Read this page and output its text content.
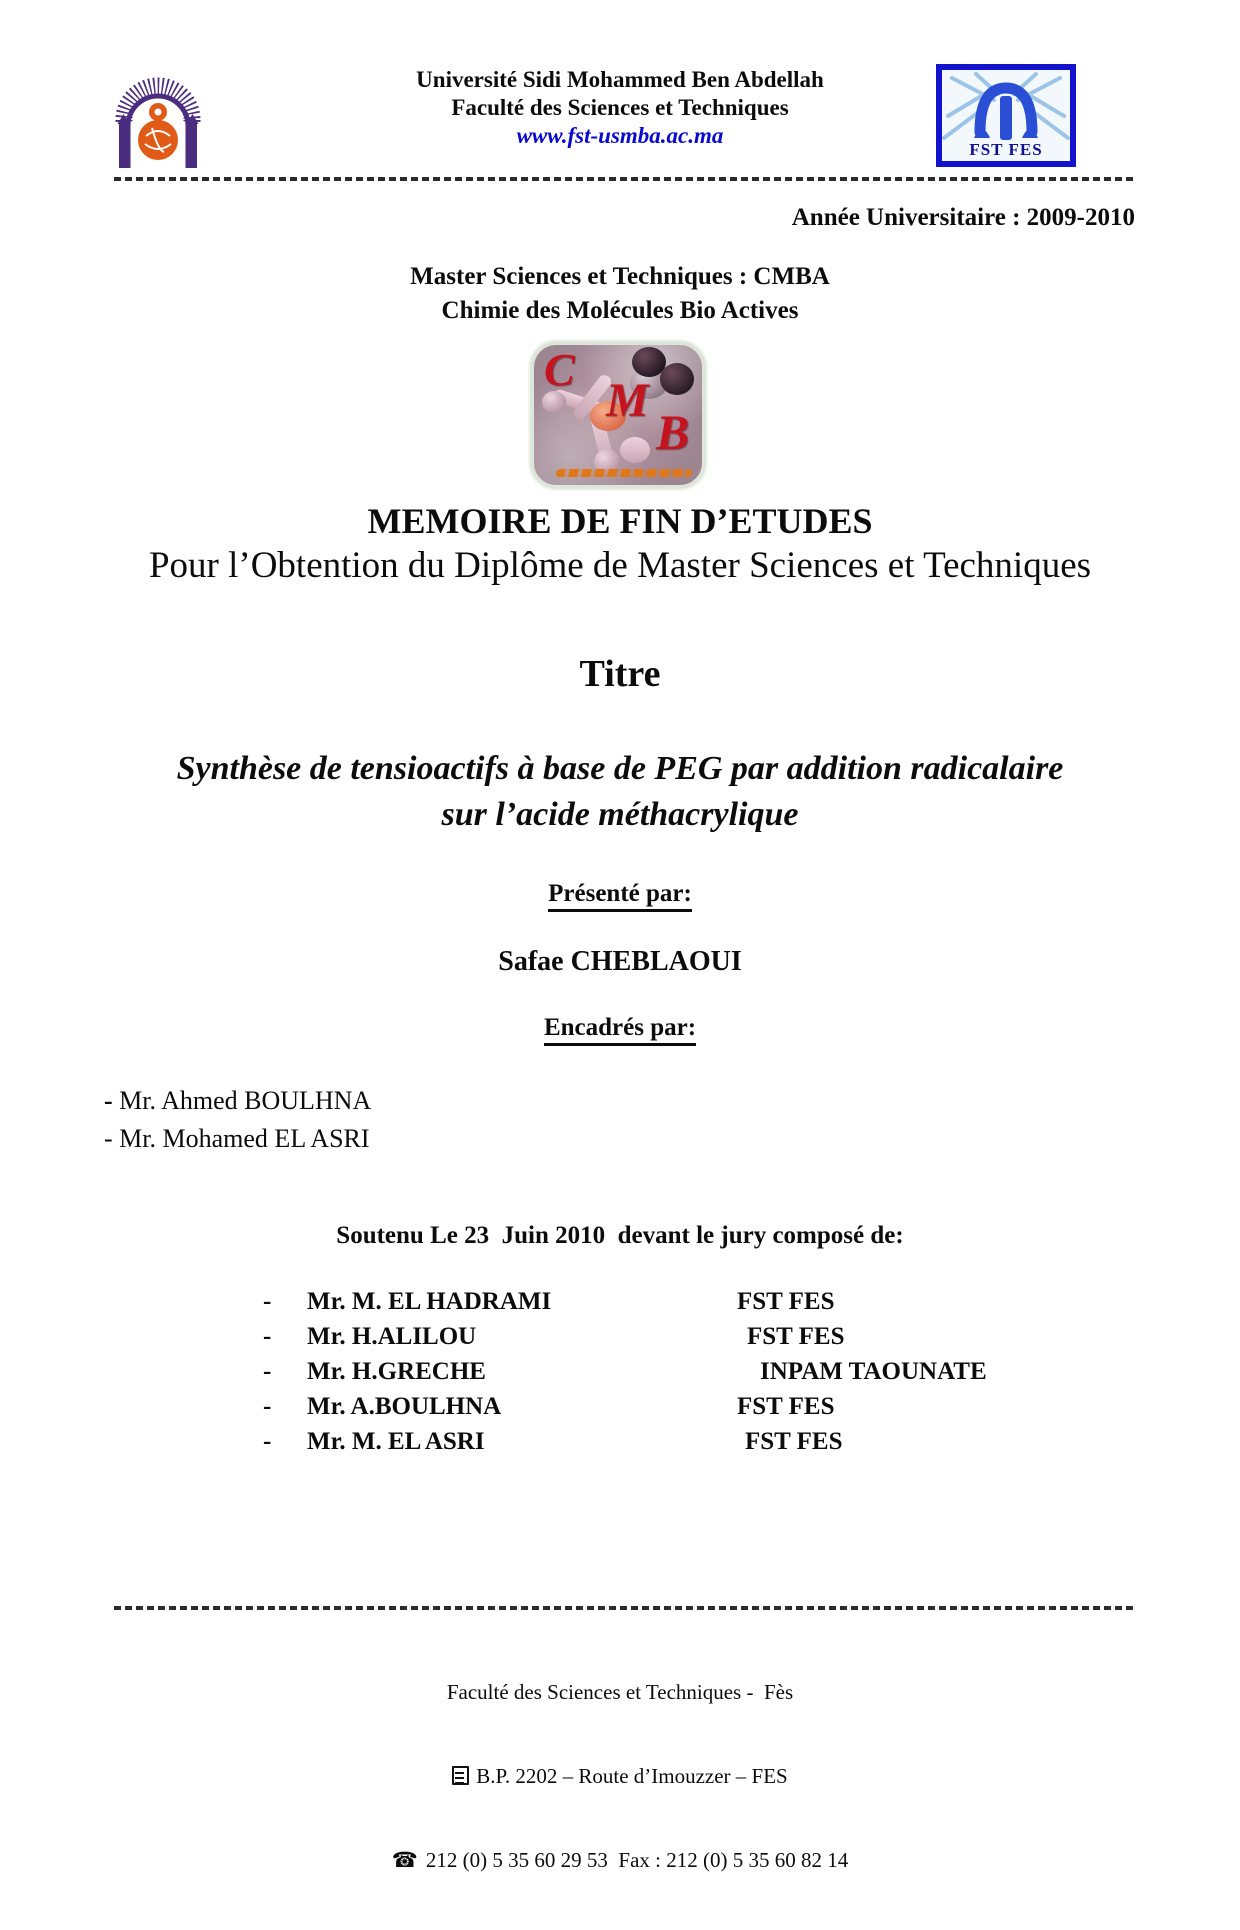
Université Sidi Mohammed Ben Abdellah
Faculté des Sciences et Techniques
www.fst-usmba.ac.ma
FST FES
Année Universitaire : 2009-2010
Master Sciences et Techniques : CMBA
Chimie des Molécules Bio Actives
C
M
B
MEMOIRE DE FIN D’ETUDES
Pour l’Obtention du Diplôme de Master Sciences et Techniques
Titre
Synthèse de tensioactifs à base de PEG par addition radicalaire
sur l’acide méthacrylique
Présenté par:
Safae CHEBLAOUI
Encadrés par:
- Mr. Ahmed BOULHNA
- Mr. Mohamed EL ASRI
Soutenu Le 23  Juin 2010  devant le jury composé de:
- Mr. M. EL HADRAMI	FST FES
- Mr. H.ALILOU	FST FES
- Mr. H.GRECHE	INPAM TAOUNATE
- Mr. A.BOULHNA	FST FES
- Mr. M. EL ASRI	FST FES

Faculté des Sciences et Techniques -  Fès

B.P. 2202 – Route d’Imouzzer – FES

☎ 212 (0) 5 35 60 29 53  Fax : 212 (0) 5 35 60 82 14
